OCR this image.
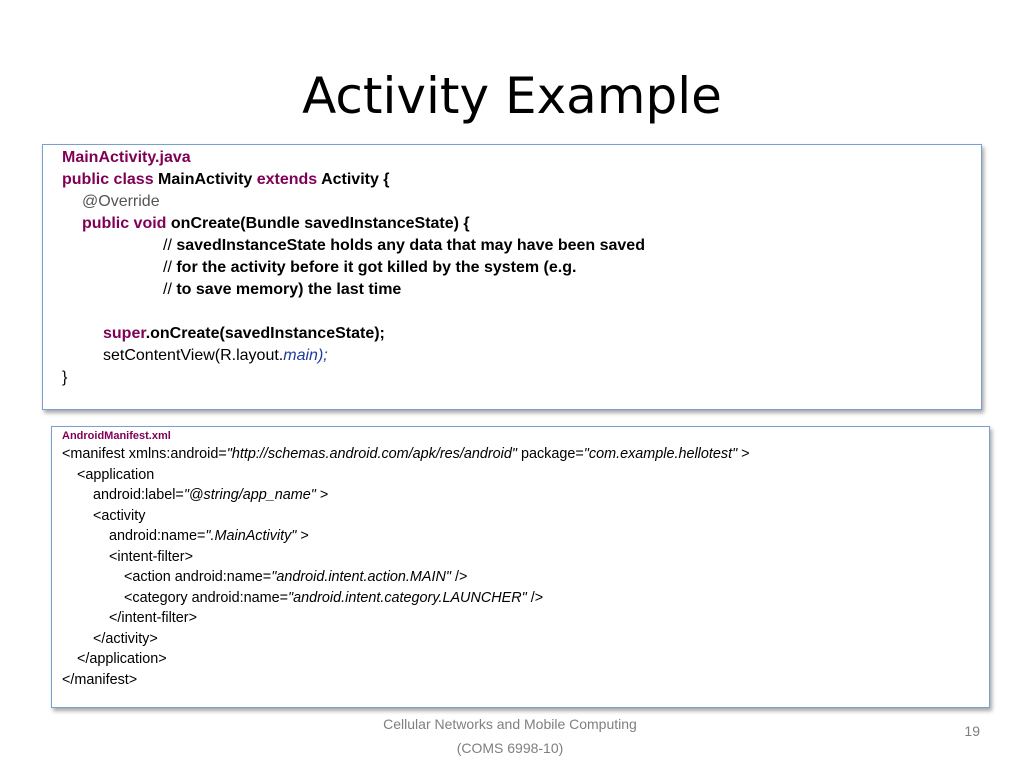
Activity Example
MainActivity.java
public class MainActivity extends Activity {
@Override
public void onCreate(Bundle savedInstanceState) {
// savedInstanceState holds any data that may have been saved
// for the activity before it got killed by the system (e.g.
// to save memory) the last time
super.onCreate(savedInstanceState);
setContentView(R.layout.main);
}
AndroidManifest.xml
<manifest xmlns:android="http://schemas.android.com/apk/res/android" package="com.example.hellotest" >
<application
android:label="@string/app_name" >
<activity
android:name=".MainActivity" >
<intent-filter>
<action android:name="android.intent.action.MAIN" />
<category android:name="android.intent.category.LAUNCHER" />
</intent-filter>
</activity>
</application>
</manifest>
Cellular Networks and Mobile Computing
(COMS 6998-10)
19
